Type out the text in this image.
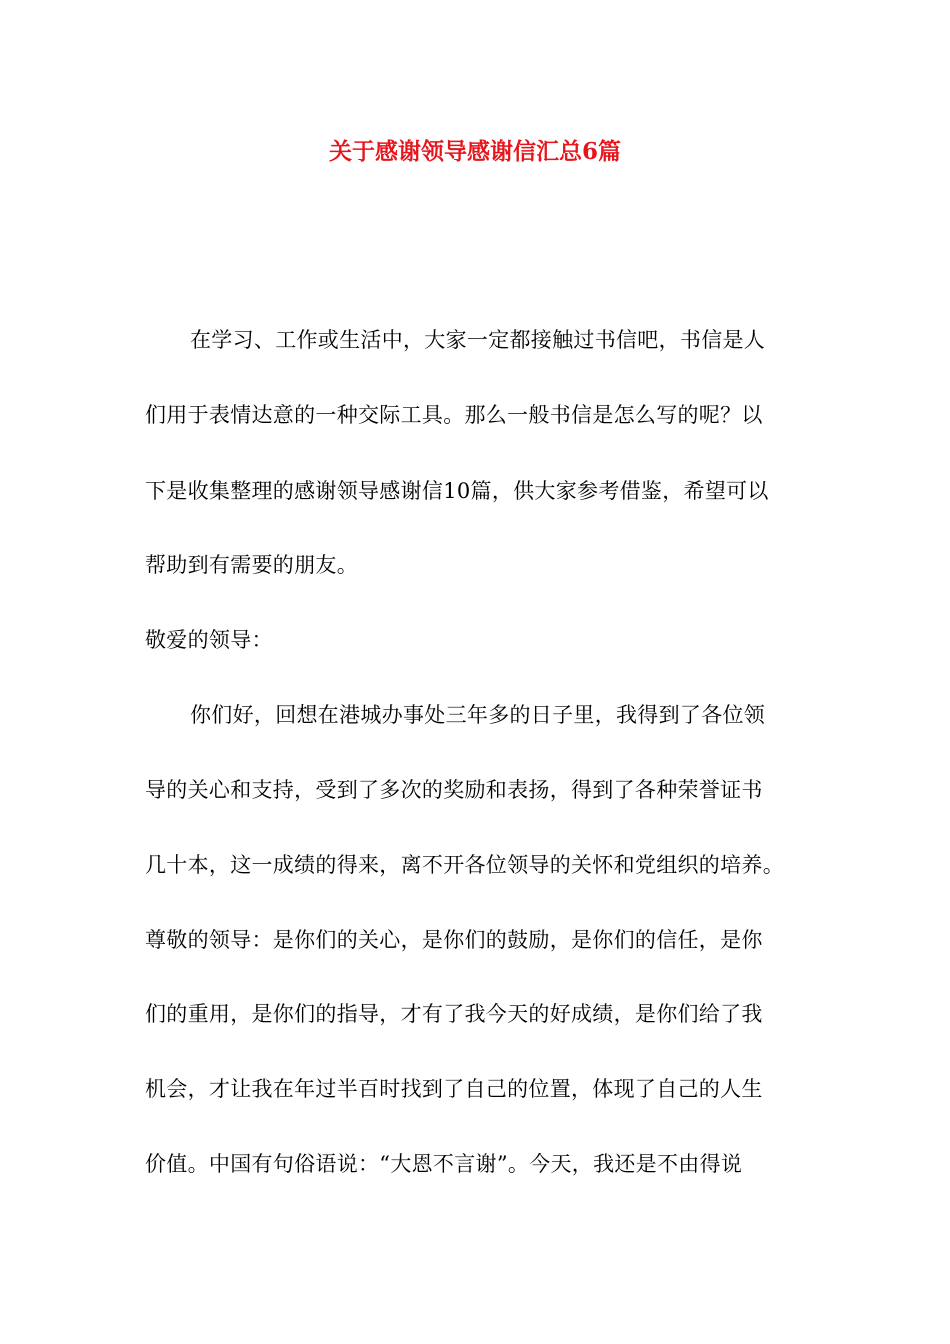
关于感谢领导感谢信汇总6篇
在学习、工作或生活中，大家一定都接触过书信吧，书信是人
们用于表情达意的一种交际工具。那么一般书信是怎么写的呢？以
下是收集整理的感谢领导感谢信10篇，供大家参考借鉴，希望可以
帮助到有需要的朋友。
敬爱的领导：
你们好，回想在港城办事处三年多的日子里，我得到了各位领
导的关心和支持，受到了多次的奖励和表扬，得到了各种荣誉证书
几十本，这一成绩的得来，离不开各位领导的关怀和党组织的培养。
尊敬的领导：是你们的关心，是你们的鼓励，是你们的信任，是你
们的重用，是你们的指导，才有了我今天的好成绩，是你们给了我
机会，才让我在年过半百时找到了自己的位置，体现了自己的人生
价值。中国有句俗语说：“大恩不言谢”。今天，我还是不由得说
